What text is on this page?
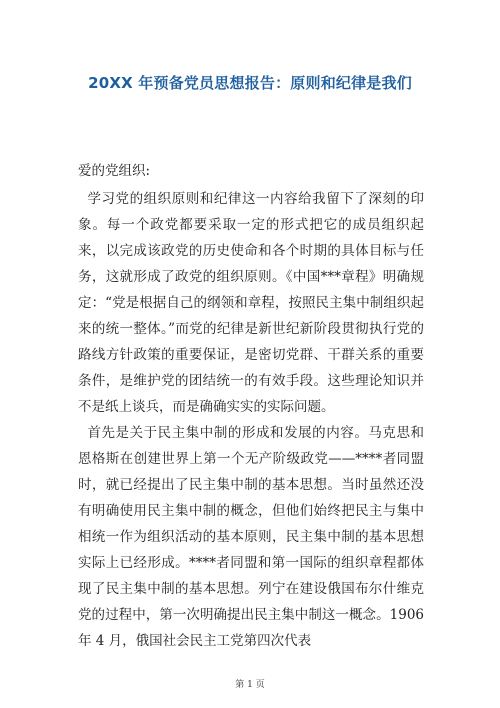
20XX 年预备党员思想报告：原则和纪律是我们

爱的党组织:

学习党的组织原则和纪律这一内容给我留下了深刻的印象。每一个政党都要采取一定的形式把它的成员组织起来，以完成该政党的历史使命和各个时期的具体目标与任务，这就形成了政党的组织原则。《中国***章程》明确规定：“党是根据自己的纲领和章程，按照民主集中制组织起来的统一整体。”而党的纪律是新世纪新阶段贯彻执行党的路线方针政策的重要保证，是密切党群、干群关系的重要条件，是维护党的团结统一的有效手段。这些理论知识并不是纸上谈兵，而是确确实实的实际问题。

首先是关于民主集中制的形成和发展的内容。马克思和恩格斯在创建世界上第一个无产阶级政党——****者同盟时，就已经提出了民主集中制的基本思想。当时虽然还没有明确使用民主集中制的概念，但他们始终把民主与集中相统一作为组织活动的基本原则，民主集中制的基本思想实际上已经形成。****者同盟和第一国际的组织章程都体现了民主集中制的基本思想。列宁在建设俄国布尔什维克党的过程中，第一次明确提出民主集中制这一概念。1906 年 4 月，俄国社会民主工党第四次代表

第 1 页
